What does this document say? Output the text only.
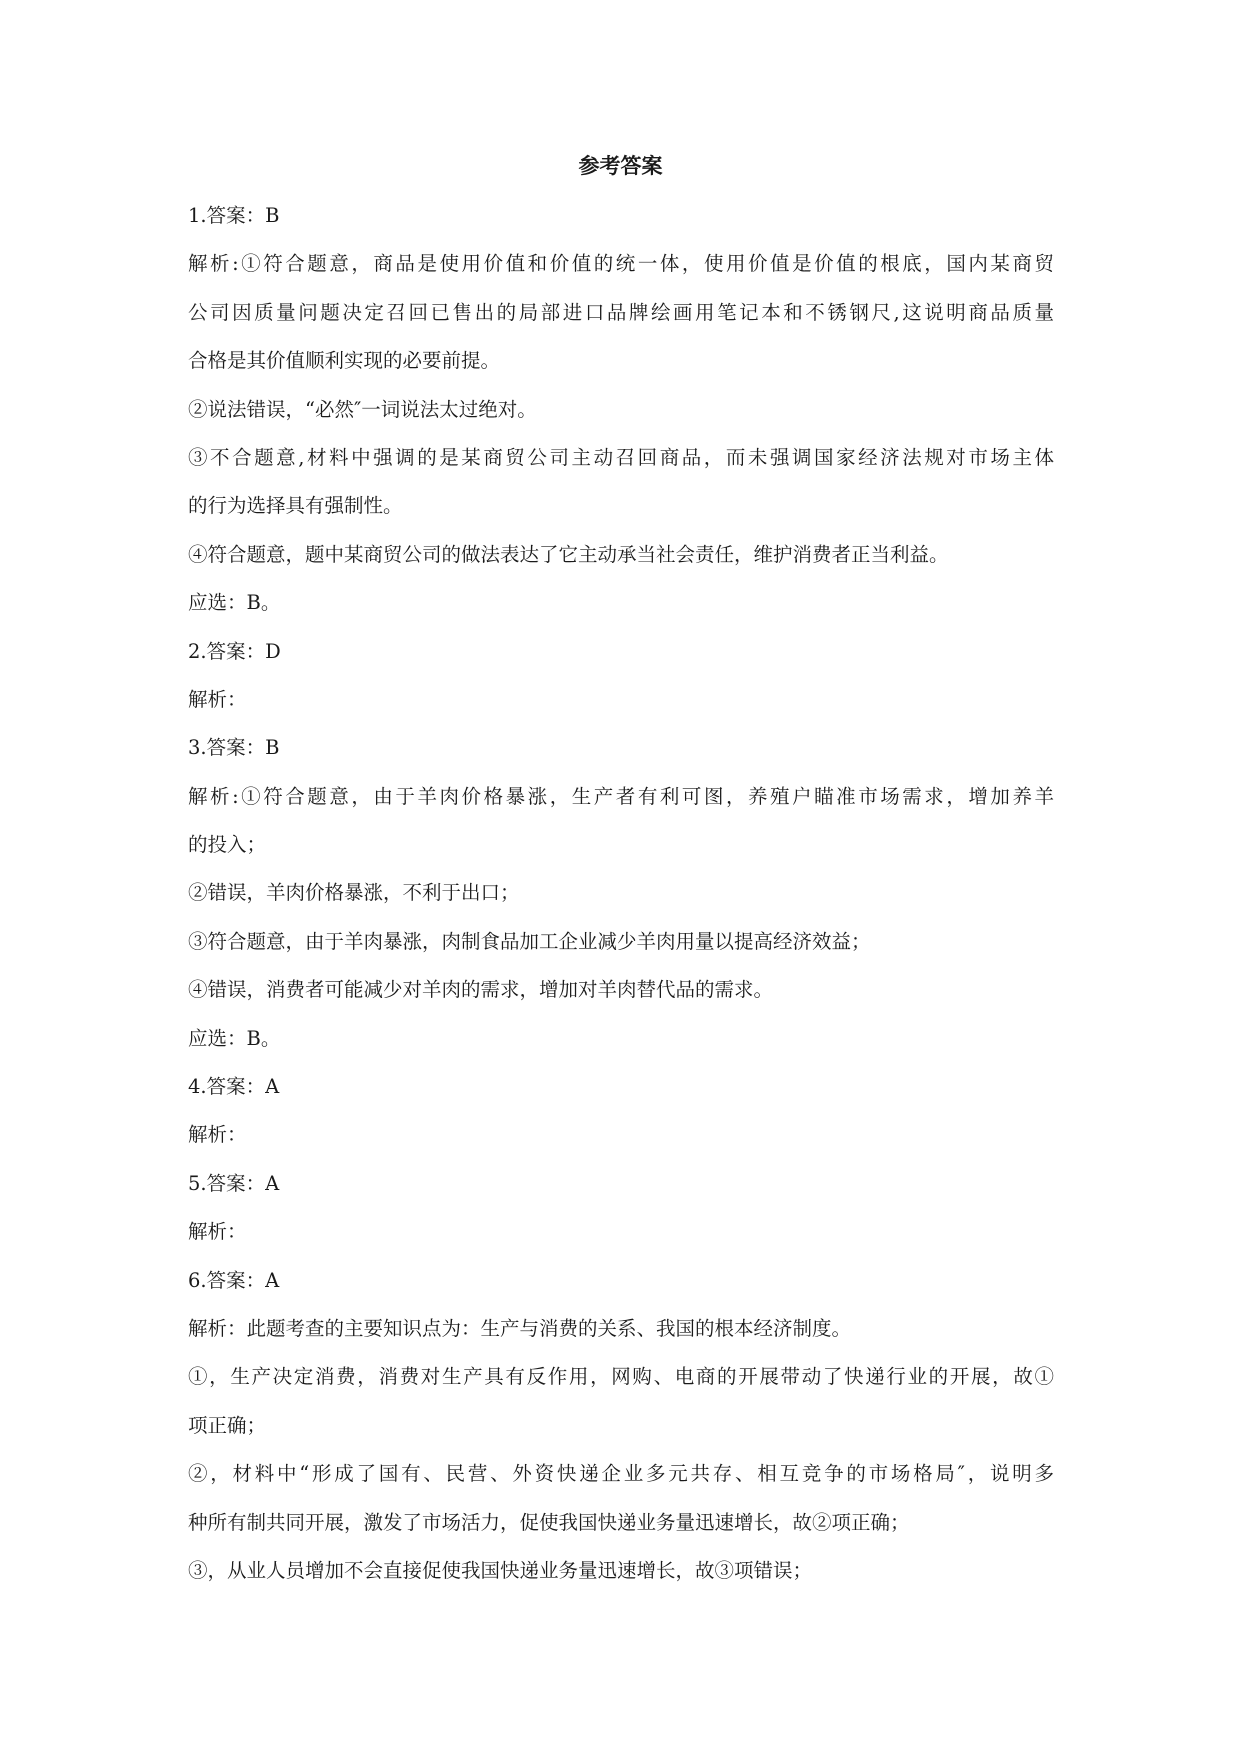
参考答案
1.答案：B
解析:①符合题意，商品是使用价值和价值的统一体，使用价值是价值的根底，国内某商贸
公司因质量问题决定召回已售出的局部进口品牌绘画用笔记本和不锈钢尺,这说明商品质量
合格是其价值顺利实现的必要前提。
②说法错误，“必然″一词说法太过绝对。
③不合题意,材料中强调的是某商贸公司主动召回商品，而未强调国家经济法规对市场主体
的行为选择具有强制性。
④符合题意，题中某商贸公司的做法表达了它主动承当社会责任，维护消费者正当利益。
应选：B。
2.答案：D
解析：
3.答案：B
解析:①符合题意，由于羊肉价格暴涨，生产者有利可图，养殖户瞄准市场需求，增加养羊
的投入；
②错误，羊肉价格暴涨，不利于出口；
③符合题意，由于羊肉暴涨，肉制食品加工企业减少羊肉用量以提高经济效益；
④错误，消费者可能减少对羊肉的需求，增加对羊肉替代品的需求。
应选：B。
4.答案：A
解析：
5.答案：A
解析：
6.答案：A
解析：此题考查的主要知识点为：生产与消费的关系、我国的根本经济制度。
①，生产决定消费，消费对生产具有反作用，网购、电商的开展带动了快递行业的开展，故①
项正确；
②，材料中“形成了国有、民营、外资快递企业多元共存、相互竞争的市场格局″，说明多
种所有制共同开展，激发了市场活力，促使我国快递业务量迅速增长，故②项正确；
③，从业人员增加不会直接促使我国快递业务量迅速增长，故③项错误；
